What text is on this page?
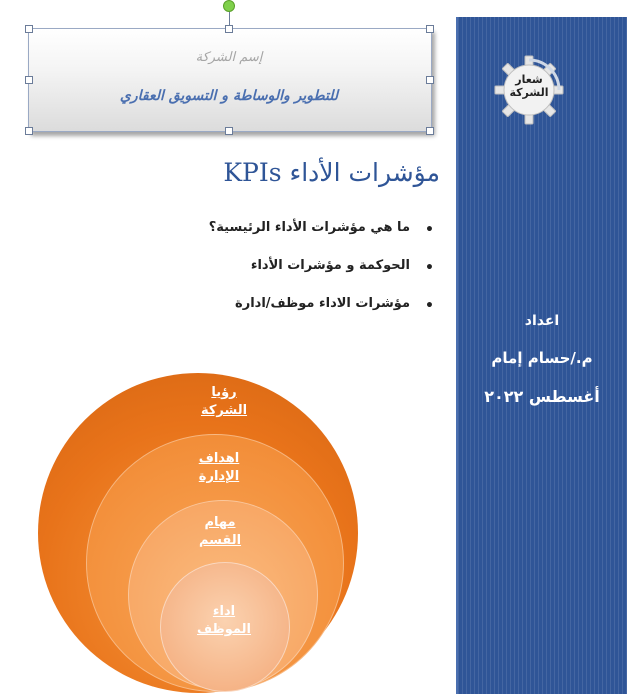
شعار
الشركة
اعداد
م./حسام إمام
أغسطس ٢٠٢٢
إسم الشركة
للتطوير والوساطة و التسويق العقاري
مؤشرات الأداء KPIs
•
ما هي مؤشرات الأداء الرئيسية؟
•
الحوكمة و مؤشرات الأداء
•
مؤشرات الاداء موظف/ادارة
رؤيا
الشركة
اهداف
الإدارة
مهام
القسم
اداء
الموظف
